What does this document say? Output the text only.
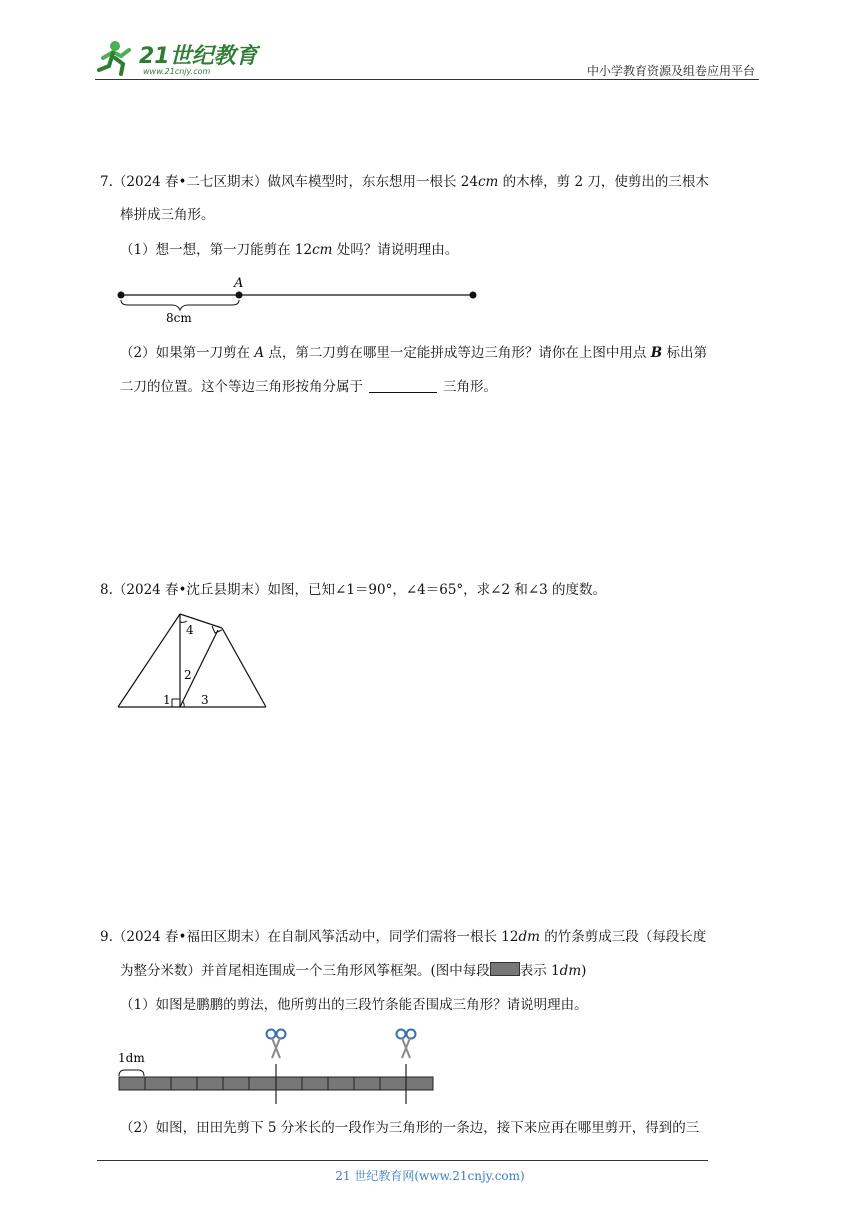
21世纪教育
www.21cnjy.com	中小学教育资源及组卷应用平台
7.（2024 春•二七区期末）做风车模型时，东东想用一根长 24cm 的木棒，剪 2 刀，使剪出的三根木
棒拼成三角形。
（1）想一想，第一刀能剪在 12cm 处吗？请说明理由。
A
8cm
（2）如果第一刀剪在 A 点，第二刀剪在哪里一定能拼成等边三角形？请你在上图中用点 B 标出第
二刀的位置。这个等边三角形按角分属于	三角形。
8.（2024 春•沈丘县期末）如图，已知∠1＝90°，∠4＝65°，求∠2 和∠3 的度数。
4
2
1	3
9.（2024 春•福田区期末）在自制风筝活动中，同学们需将一根长 12dm 的竹条剪成三段（每段长度
为整分米数）并首尾相连围成一个三角形风筝框架。(图中每段 表示 1dm)
（1）如图是鹏鹏的剪法，他所剪出的三段竹条能否围成三角形？请说明理由。
1dm
（2）如图，田田先剪下 5 分米长的一段作为三角形的一条边，接下来应再在哪里剪开，得到的三
21 世纪教育网(www.21cnjy.com)
